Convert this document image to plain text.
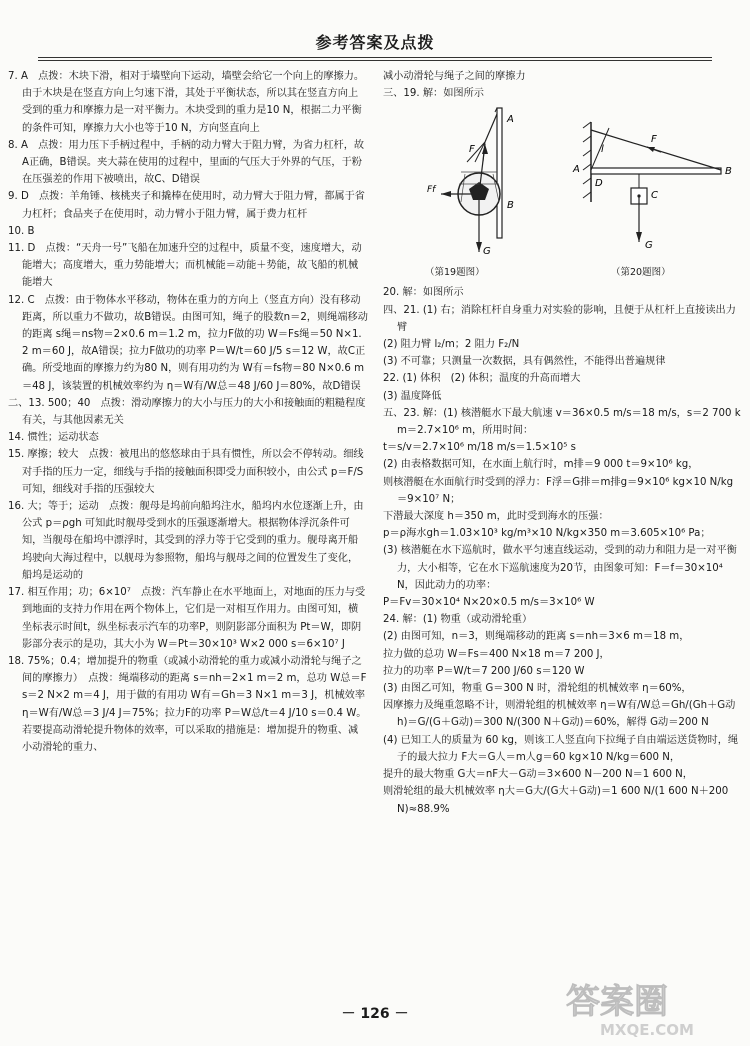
参考答案及点拨
7. A　点拨：木块下滑，相对于墙壁向下运动，墙壁会给它一个向上的摩擦力。由于木块是在竖直方向上匀速下滑，其处于平衡状态，所以其在竖直方向上受到的重力和摩擦力是一对平衡力。木块受到的重力是10 N，根据二力平衡的条件可知，摩擦力大小也等于10 N，方向竖直向上
8. A　点拨：用力压下手柄过程中，手柄的动力臂大于阻力臂，为省力杠杆，故A正确，B错误。夹大蒜在使用的过程中，里面的气压大于外界的气压，于粉在压强差的作用下被喷出，故C、D错误
9. D　点拨：羊角锤、核桃夹子和撬棒在使用时，动力臂大于阻力臂，都属于省力杠杆；食品夹子在使用时，动力臂小于阻力臂，属于费力杠杆
10. B
11. D　点拨：“天舟一号”飞船在加速升空的过程中，质量不变，速度增大，动能增大；高度增大，重力势能增大；而机械能＝动能＋势能，故飞船的机械能增大
12. C　点拨：由于物体水平移动，物体在重力的方向上（竖直方向）没有移动距离，所以重力不做功，故B错误。由图可知，绳子的股数n＝2，则绳端移动的距离 s绳＝ns物＝2×0.6 m＝1.2 m，拉力F做的功 W＝Fs绳＝50 N×1.2 m＝60 J，故A错误；拉力F做功的功率 P＝W/t＝60 J/5 s＝12 W，故C正确。所受地面的摩擦力约为80 N，则有用功约为 W有＝fs物＝80 N×0.6 m＝48 J，该装置的机械效率约为 η＝W有/W总＝48 J/60 J＝80%，故D错误
二、13. 500；40　点拨：滑动摩擦力的大小与压力的大小和接触面的粗糙程度有关，与其他因素无关
14. 惯性；运动状态
15. 摩擦；较大　点拨：被甩出的悠悠球由于具有惯性，所以会不停转动。细线对手指的压力一定，细线与手指的接触面积即受力面积较小，由公式 p＝F/S 可知，细线对手指的压强较大
16. 大；等于；运动　点拨：舰母是坞前向船坞注水，船坞内水位逐渐上升，由公式 p＝ρgh 可知此时舰母受到水的压强逐渐增大。根据物体浮沉条件可知，当舰母在船坞中漂浮时，其受到的浮力等于它受到的重力。舰母离开船坞驶向大海过程中，以舰母为参照物，船坞与舰母之间的位置发生了变化，船坞是运动的
17. 相互作用；功；6×10⁷　点拨：汽车静止在水平地面上，对地面的压力与受到地面的支持力作用在两个物体上，它们是一对相互作用力。由图可知，横坐标表示时间t，纵坐标表示汽车的功率P，则阴影部分面积为 Pt＝W，即阴影部分表示的是功，其大小为 W＝Pt＝30×10³ W×2 000 s＝6×10⁷ J
18. 75%；0.4；增加提升的物重（或减小动滑轮的重力或减小动滑轮与绳子之间的摩擦力）　点拨：绳端移动的距离 s＝nh＝2×1 m＝2 m，总功 W总＝Fs＝2 N×2 m＝4 J，用于做的有用功 W有＝Gh＝3 N×1 m＝3 J，机械效率 η＝W有/W总＝3 J/4 J＝75%；拉力F的功率 P＝W总/t＝4 J/10 s＝0.4 W。若要提高动滑轮提升物体的效率，可以采取的措施是：增加提升的物重、减小动滑轮的重力、
减小动滑轮与绳子之间的摩擦力
三、19. 解：如图所示
A
F
Ff
B
G
A	B
C
D
F
l
G
（第19题图）	（第20题图）
20. 解：如图所示
四、21. (1) 右；消除杠杆自身重力对实验的影响，且便于从杠杆上直接读出力臂
(2) 阻力臂 l₂/m；2 阻力 F₂/N
(3) 不可靠；只测量一次数据，具有偶然性，不能得出普遍规律
22. (1) 体积　(2) 体积；温度的升高而增大
(3) 温度降低
五、23. 解：(1) 核潜艇水下最大航速 v＝36×0.5 m/s＝18 m/s，s＝2 700 km＝2.7×10⁶ m，所用时间：
t＝s/v＝2.7×10⁶ m/18 m/s＝1.5×10⁵ s
(2) 由表格数据可知，在水面上航行时，m排＝9 000 t＝9×10⁶ kg，
则核潜艇在水面航行时受到的浮力：F浮＝G排＝m排g＝9×10⁶ kg×10 N/kg＝9×10⁷ N；
下潜最大深度 h＝350 m，此时受到海水的压强：
p＝ρ海水gh＝1.03×10³ kg/m³×10 N/kg×350 m＝3.605×10⁶ Pa；
(3) 核潜艇在水下巡航时，做水平匀速直线运动，受到的动力和阻力是一对平衡力，大小相等，它在水下巡航速度为20节，由图象可知：F＝f＝30×10⁴ N，因此动力的功率：
P＝Fv＝30×10⁴ N×20×0.5 m/s＝3×10⁶ W
24. 解：(1) 物重（或动滑轮重）
(2) 由图可知，n＝3，则绳端移动的距离 s＝nh＝3×6 m＝18 m，
拉力做的总功 W＝Fs＝400 N×18 m＝7 200 J，
拉力的功率 P＝W/t＝7 200 J/60 s＝120 W
(3) 由图乙可知，物重 G＝300 N 时，滑轮组的机械效率 η＝60%，
因摩擦力及绳重忽略不计，则滑轮组的机械效率 η＝W有/W总＝Gh/(Gh＋G动h)＝G/(G＋G动)＝300 N/(300 N＋G动)＝60%，解得 G动＝200 N
(4) 已知工人的质量为 60 kg，则该工人竖直向下拉绳子自由端运送货物时，绳子的最大拉力 F大＝G人＝m人g＝60 kg×10 N/kg＝600 N，
提升的最大物重 G大＝nF大－G动＝3×600 N－200 N＝1 600 N，
则滑轮组的最大机械效率 η大＝G大/(G大＋G动)＝1 600 N/(1 600 N＋200 N)≈88.9%
－ 126 －	答案圈
MXQE.COM
